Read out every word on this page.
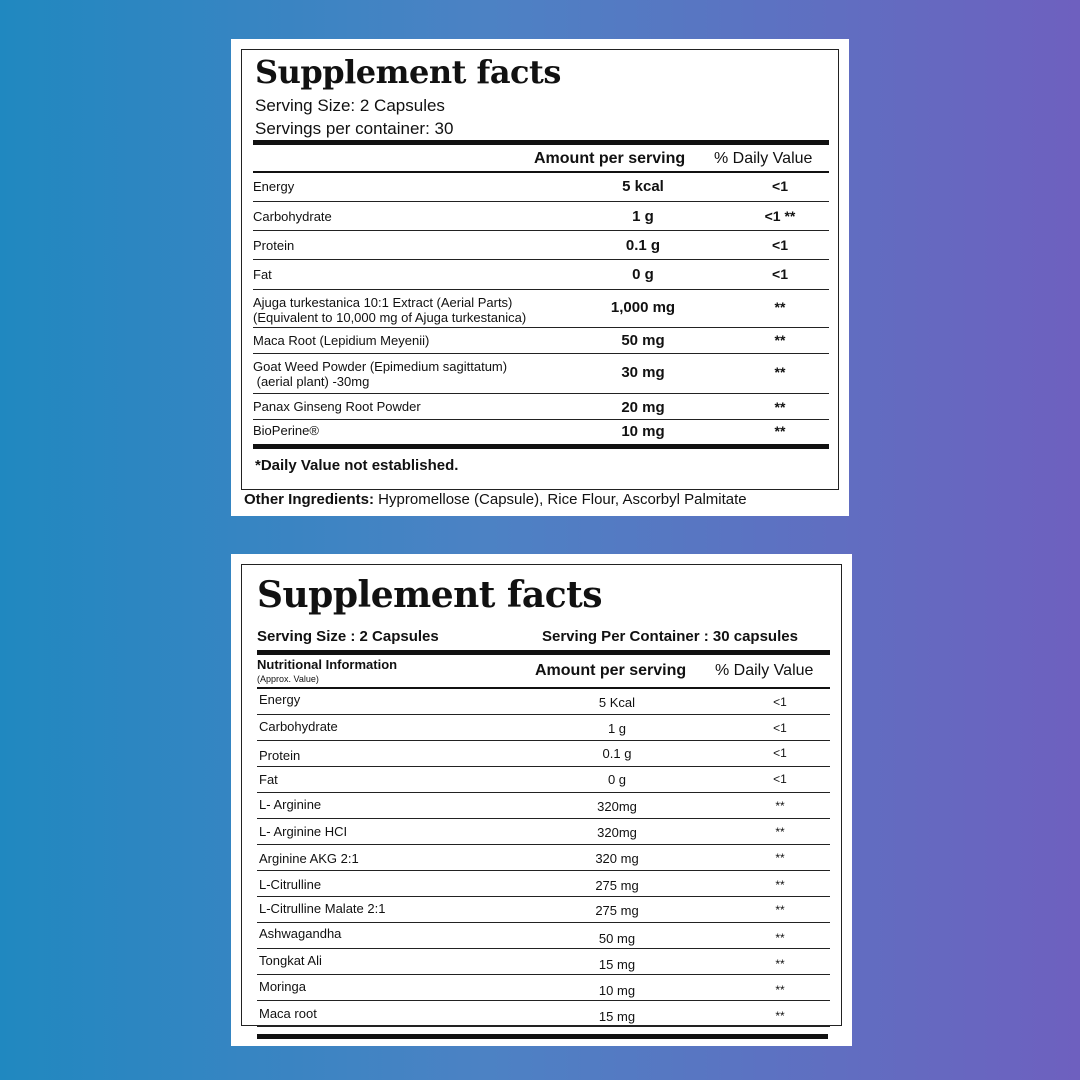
Supplement facts
Serving Size: 2 Capsules
Servings per container: 30
Amount per serving % Daily Value
Energy	5 kcal	<1
Carbohydrate	1 g	<1 **
Protein	0.1 g	<1
Fat	0 g	<1
Ajuga turkestanica 10:1 Extract (Aerial Parts)
(Equivalent to 10,000 mg of Ajuga turkestanica)
1,000 mg	**
Maca Root (Lepidium Meyenii)	50 mg	**
Goat Weed Powder (Epimedium sagittatum)
(aerial plant) -30mg
30 mg	**
Panax Ginseng Root Powder	20 mg	**
BioPerine®	10 mg	**
*Daily Value not established.
Other Ingredients: Hypromellose (Capsule), Rice Flour, Ascorbyl Palmitate
Supplement facts
Serving Size : 2 Capsules	Serving Per Container : 30 capsules
Nutritional Information
(Approx. Value)	Amount per serving % Daily Value
Energy	5 Kcal	<1
Carbohydrate	1 g	<1
Protein	0.1 g	<1
Fat	0 g	<1
L- Arginine	320mg	**
L- Arginine HCI	320mg	**
Arginine AKG 2:1	320 mg	**
L-Citrulline	275 mg	**
L-Citrulline Malate 2:1	275 mg	**
Ashwagandha	50 mg	**
Tongkat Ali	15 mg	**
Moringa	10 mg	**
Maca root	15 mg	**
